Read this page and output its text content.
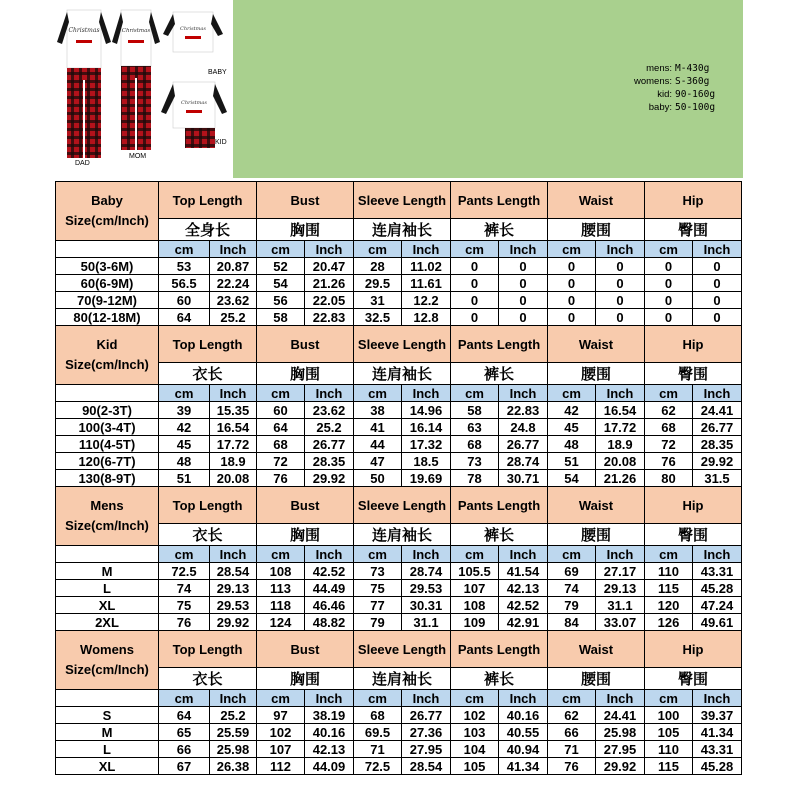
Christmas	Christmas	Christmas
Christmas
DAD
MOM
BABY
KID
mens : M-430g
womens : S-360g
kid : 90-160g
baby : 50-100g
Baby
Size(cm/Inch)	Top Length		Bust		Sleeve Length		Pants Length		Waist		Hip	
	全身长		胸围		连肩袖长		裤长		腰围		臀围	
	cm	Inch	cm	Inch	cm	Inch	cm	Inch	cm	Inch	cm	Inch
50(3-6M)	53	20.87	52	20.47	28	11.02	0	0	0	0	0	0
60(6-9M)	56.5	22.24	54	21.26	29.5	11.61	0	0	0	0	0	0
70(9-12M)	60	23.62	56	22.05	31	12.2	0	0	0	0	0	0
80(12-18M)	64	25.2	58	22.83	32.5	12.8	0	0	0	0	0	0

Kid
Size(cm/Inch)	Top Length		Bust		Sleeve Length		Pants Length		Waist		Hip	
	衣长		胸围		连肩袖长		裤长		腰围		臀围	
	cm	Inch	cm	Inch	cm	Inch	cm	Inch	cm	Inch	cm	Inch
90(2-3T)	39	15.35	60	23.62	38	14.96	58	22.83	42	16.54	62	24.41
100(3-4T)	42	16.54	64	25.2	41	16.14	63	24.8	45	17.72	68	26.77
110(4-5T)	45	17.72	68	26.77	44	17.32	68	26.77	48	18.9	72	28.35
120(6-7T)	48	18.9	72	28.35	47	18.5	73	28.74	51	20.08	76	29.92
130(8-9T)	51	20.08	76	29.92	50	19.69	78	30.71	54	21.26	80	31.5

Mens
Size(cm/Inch)	Top Length		Bust		Sleeve Length		Pants Length		Waist		Hip	
	衣长		胸围		连肩袖长		裤长		腰围		臀围	
	cm	Inch	cm	Inch	cm	Inch	cm	Inch	cm	Inch	cm	Inch
M	72.5	28.54	108	42.52	73	28.74	105.5	41.54	69	27.17	110	43.31
L	74	29.13	113	44.49	75	29.53	107	42.13	74	29.13	115	45.28
XL	75	29.53	118	46.46	77	30.31	108	42.52	79	31.1	120	47.24
2XL	76	29.92	124	48.82	79	31.1	109	42.91	84	33.07	126	49.61

Womens
Size(cm/Inch)	Top Length		Bust		Sleeve Length		Pants Length		Waist		Hip	
	衣长		胸围		连肩袖长		裤长		腰围		臀围	
	cm	Inch	cm	Inch	cm	Inch	cm	Inch	cm	Inch	cm	Inch
S	64	25.2	97	38.19	68	26.77	102	40.16	62	24.41	100	39.37
M	65	25.59	102	40.16	69.5	27.36	103	40.55	66	25.98	105	41.34
L	66	25.98	107	42.13	71	27.95	104	40.94	71	27.95	110	43.31
XL	67	26.38	112	44.09	72.5	28.54	105	41.34	76	29.92	115	45.28
